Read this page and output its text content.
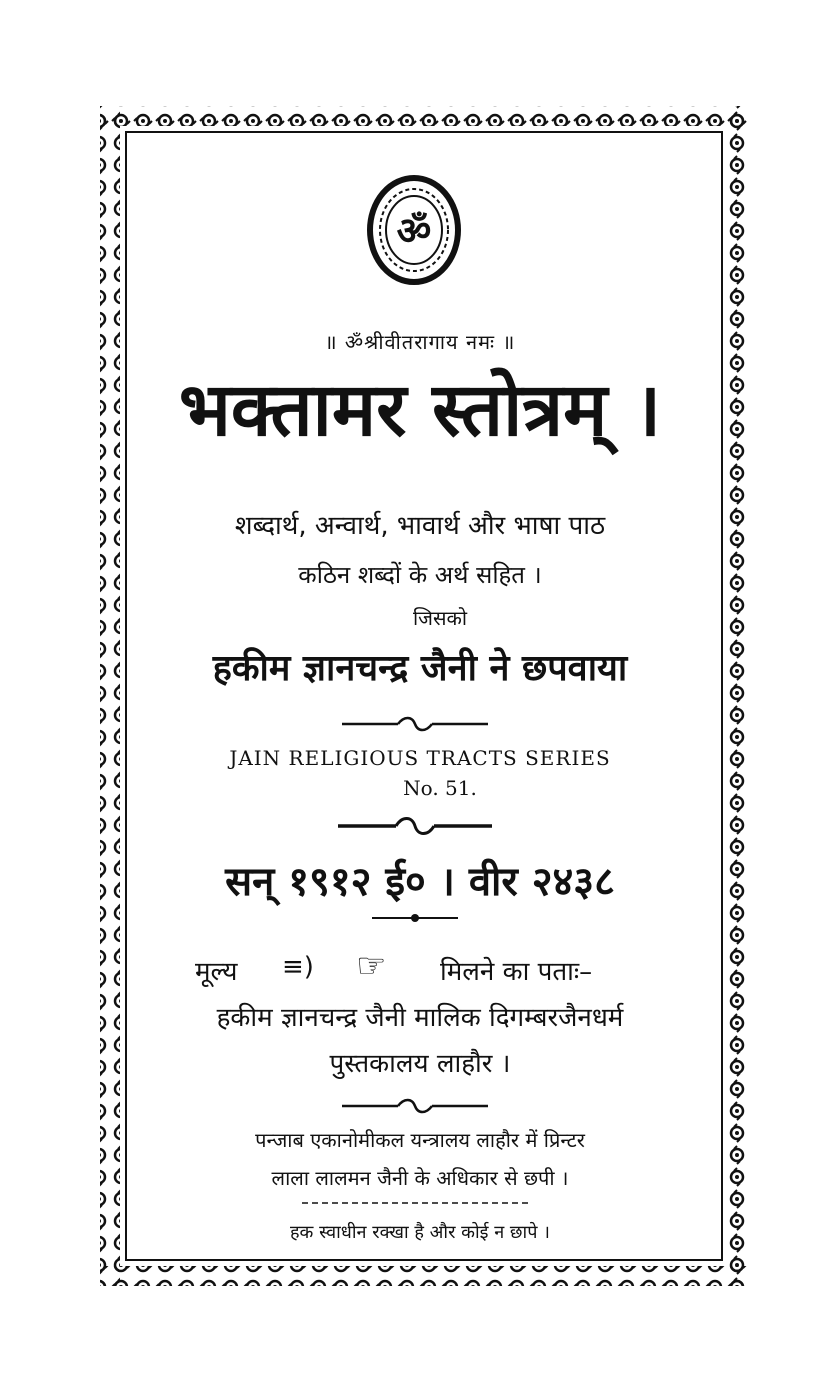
ॐ
॥ ॐश्रीवीतरागाय नमः ॥
भक्तामर स्तोत्रम् ।
शब्दार्थ, अन्वार्थ, भावार्थ और भाषा पाठ
कठिन शब्दों के अर्थ सहित ।
जिसको
हकीम ज्ञानचन्द्र जैनी ने छपवाया
JAIN RELIGIOUS TRACTS SERIES
No. 51.
सन् १९१२ ई० । वीर २४३८
मूल्य ≡) ☞ मिलने का पताः–
हकीम ज्ञानचन्द्र जैनी मालिक दिगम्बरजैनधर्म
पुस्तकालय लाहौर ।
पन्जाब एकानोमीकल यन्त्रालय लाहौर में प्रिन्टर
लाला लालमन जैनी के अधिकार से छपी ।
हक स्वाधीन रक्खा है और कोई न छापे ।
